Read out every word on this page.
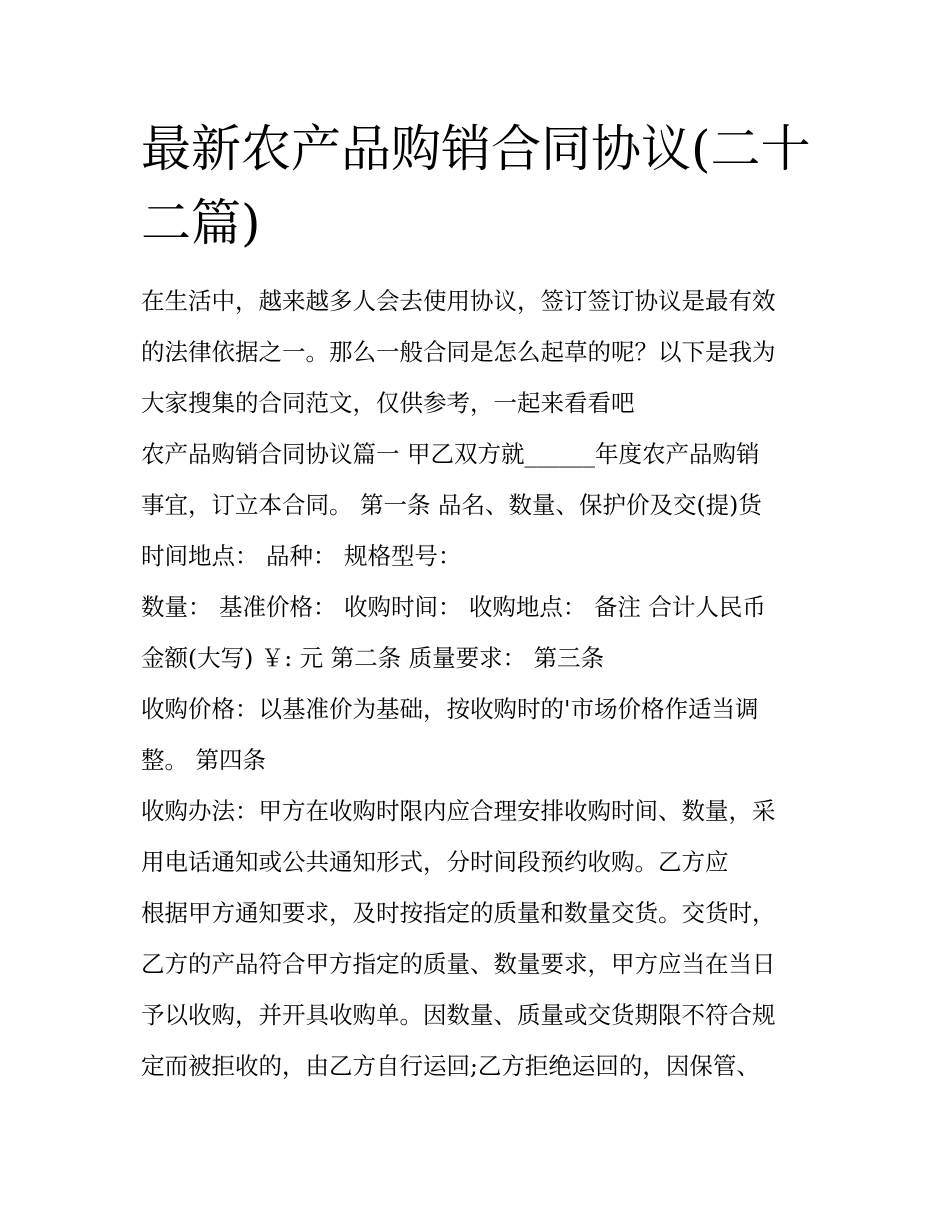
最新农产品购销合同协议(二十二篇)
在生活中，越来越多人会去使用协议，签订签订协议是最有效
的法律依据之一。那么一般合同是怎么起草的呢？以下是我为
大家搜集的合同范文，仅供参考，一起来看看吧
农产品购销合同协议篇一 甲乙双方就______年度农产品购销
事宜，订立本合同。 第一条 品名、数量、保护价及交(提)货
时间地点： 品种： 规格型号：
数量： 基准价格： 收购时间： 收购地点： 备注 合计人民币
金额(大写) ￥: 元 第二条 质量要求： 第三条
收购价格：以基准价为基础，按收购时的'市场价格作适当调
整。 第四条
收购办法：甲方在收购时限内应合理安排收购时间、数量，采
用电话通知或公共通知形式，分时间段预约收购。乙方应
根据甲方通知要求，及时按指定的质量和数量交货。交货时，
乙方的产品符合甲方指定的质量、数量要求，甲方应当在当日
予以收购，并开具收购单。因数量、质量或交货期限不符合规
定而被拒收的，由乙方自行运回;乙方拒绝运回的，因保管、
